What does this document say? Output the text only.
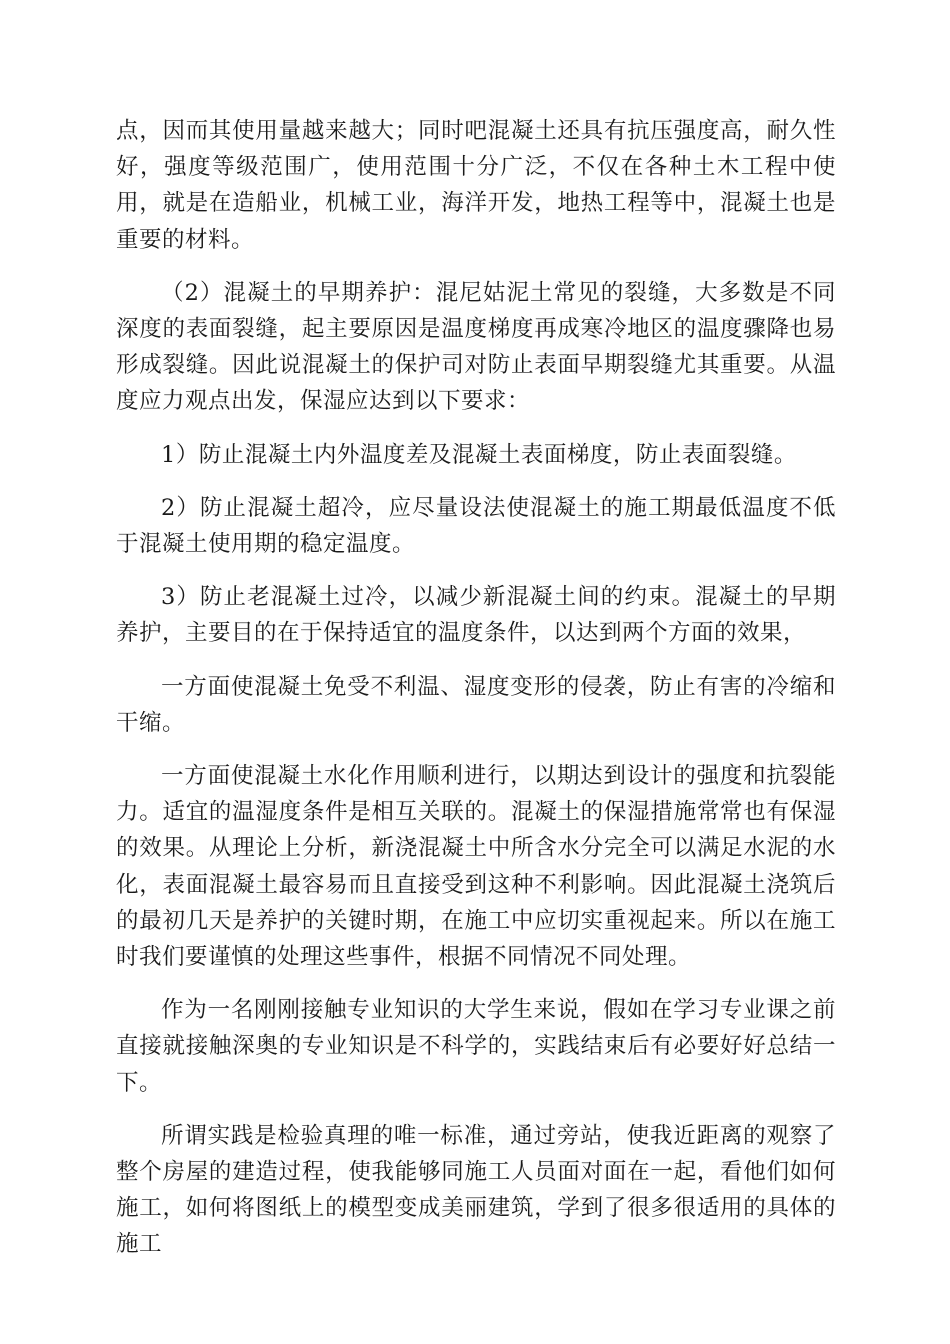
点，因而其使用量越来越大；同时吧混凝土还具有抗压强度高，耐久性好，强度等级范围广，使用范围十分广泛，不仅在各种土木工程中使用，就是在造船业，机械工业，海洋开发，地热工程等中，混凝土也是重要的材料。

（2）混凝土的早期养护：混尼姑泥土常见的裂缝，大多数是不同深度的表面裂缝，起主要原因是温度梯度再成寒冷地区的温度骤降也易形成裂缝。因此说混凝土的保护司对防止表面早期裂缝尤其重要。从温度应力观点出发，保湿应达到以下要求：

1）防止混凝土内外温度差及混凝土表面梯度，防止表面裂缝。

2）防止混凝土超冷，应尽量设法使混凝土的施工期最低温度不低于混凝土使用期的稳定温度。

3）防止老混凝土过冷，以减少新混凝土间的约束。混凝土的早期养护，主要目的在于保持适宜的温度条件，以达到两个方面的效果，

一方面使混凝土免受不利温、湿度变形的侵袭，防止有害的冷缩和干缩。

一方面使混凝土水化作用顺利进行，以期达到设计的强度和抗裂能力。适宜的温湿度条件是相互关联的。混凝土的保湿措施常常也有保湿的效果。从理论上分析，新浇混凝土中所含水分完全可以满足水泥的水化，表面混凝土最容易而且直接受到这种不利影响。因此混凝土浇筑后的最初几天是养护的关键时期，在施工中应切实重视起来。所以在施工时我们要谨慎的处理这些事件，根据不同情况不同处理。

作为一名刚刚接触专业知识的大学生来说，假如在学习专业课之前直接就接触深奥的专业知识是不科学的，实践结束后有必要好好总结一下。

所谓实践是检验真理的唯一标准，通过旁站，使我近距离的观察了整个房屋的建造过程，使我能够同施工人员面对面在一起，看他们如何施工，如何将图纸上的模型变成美丽建筑，学到了很多很适用的具体的施工
